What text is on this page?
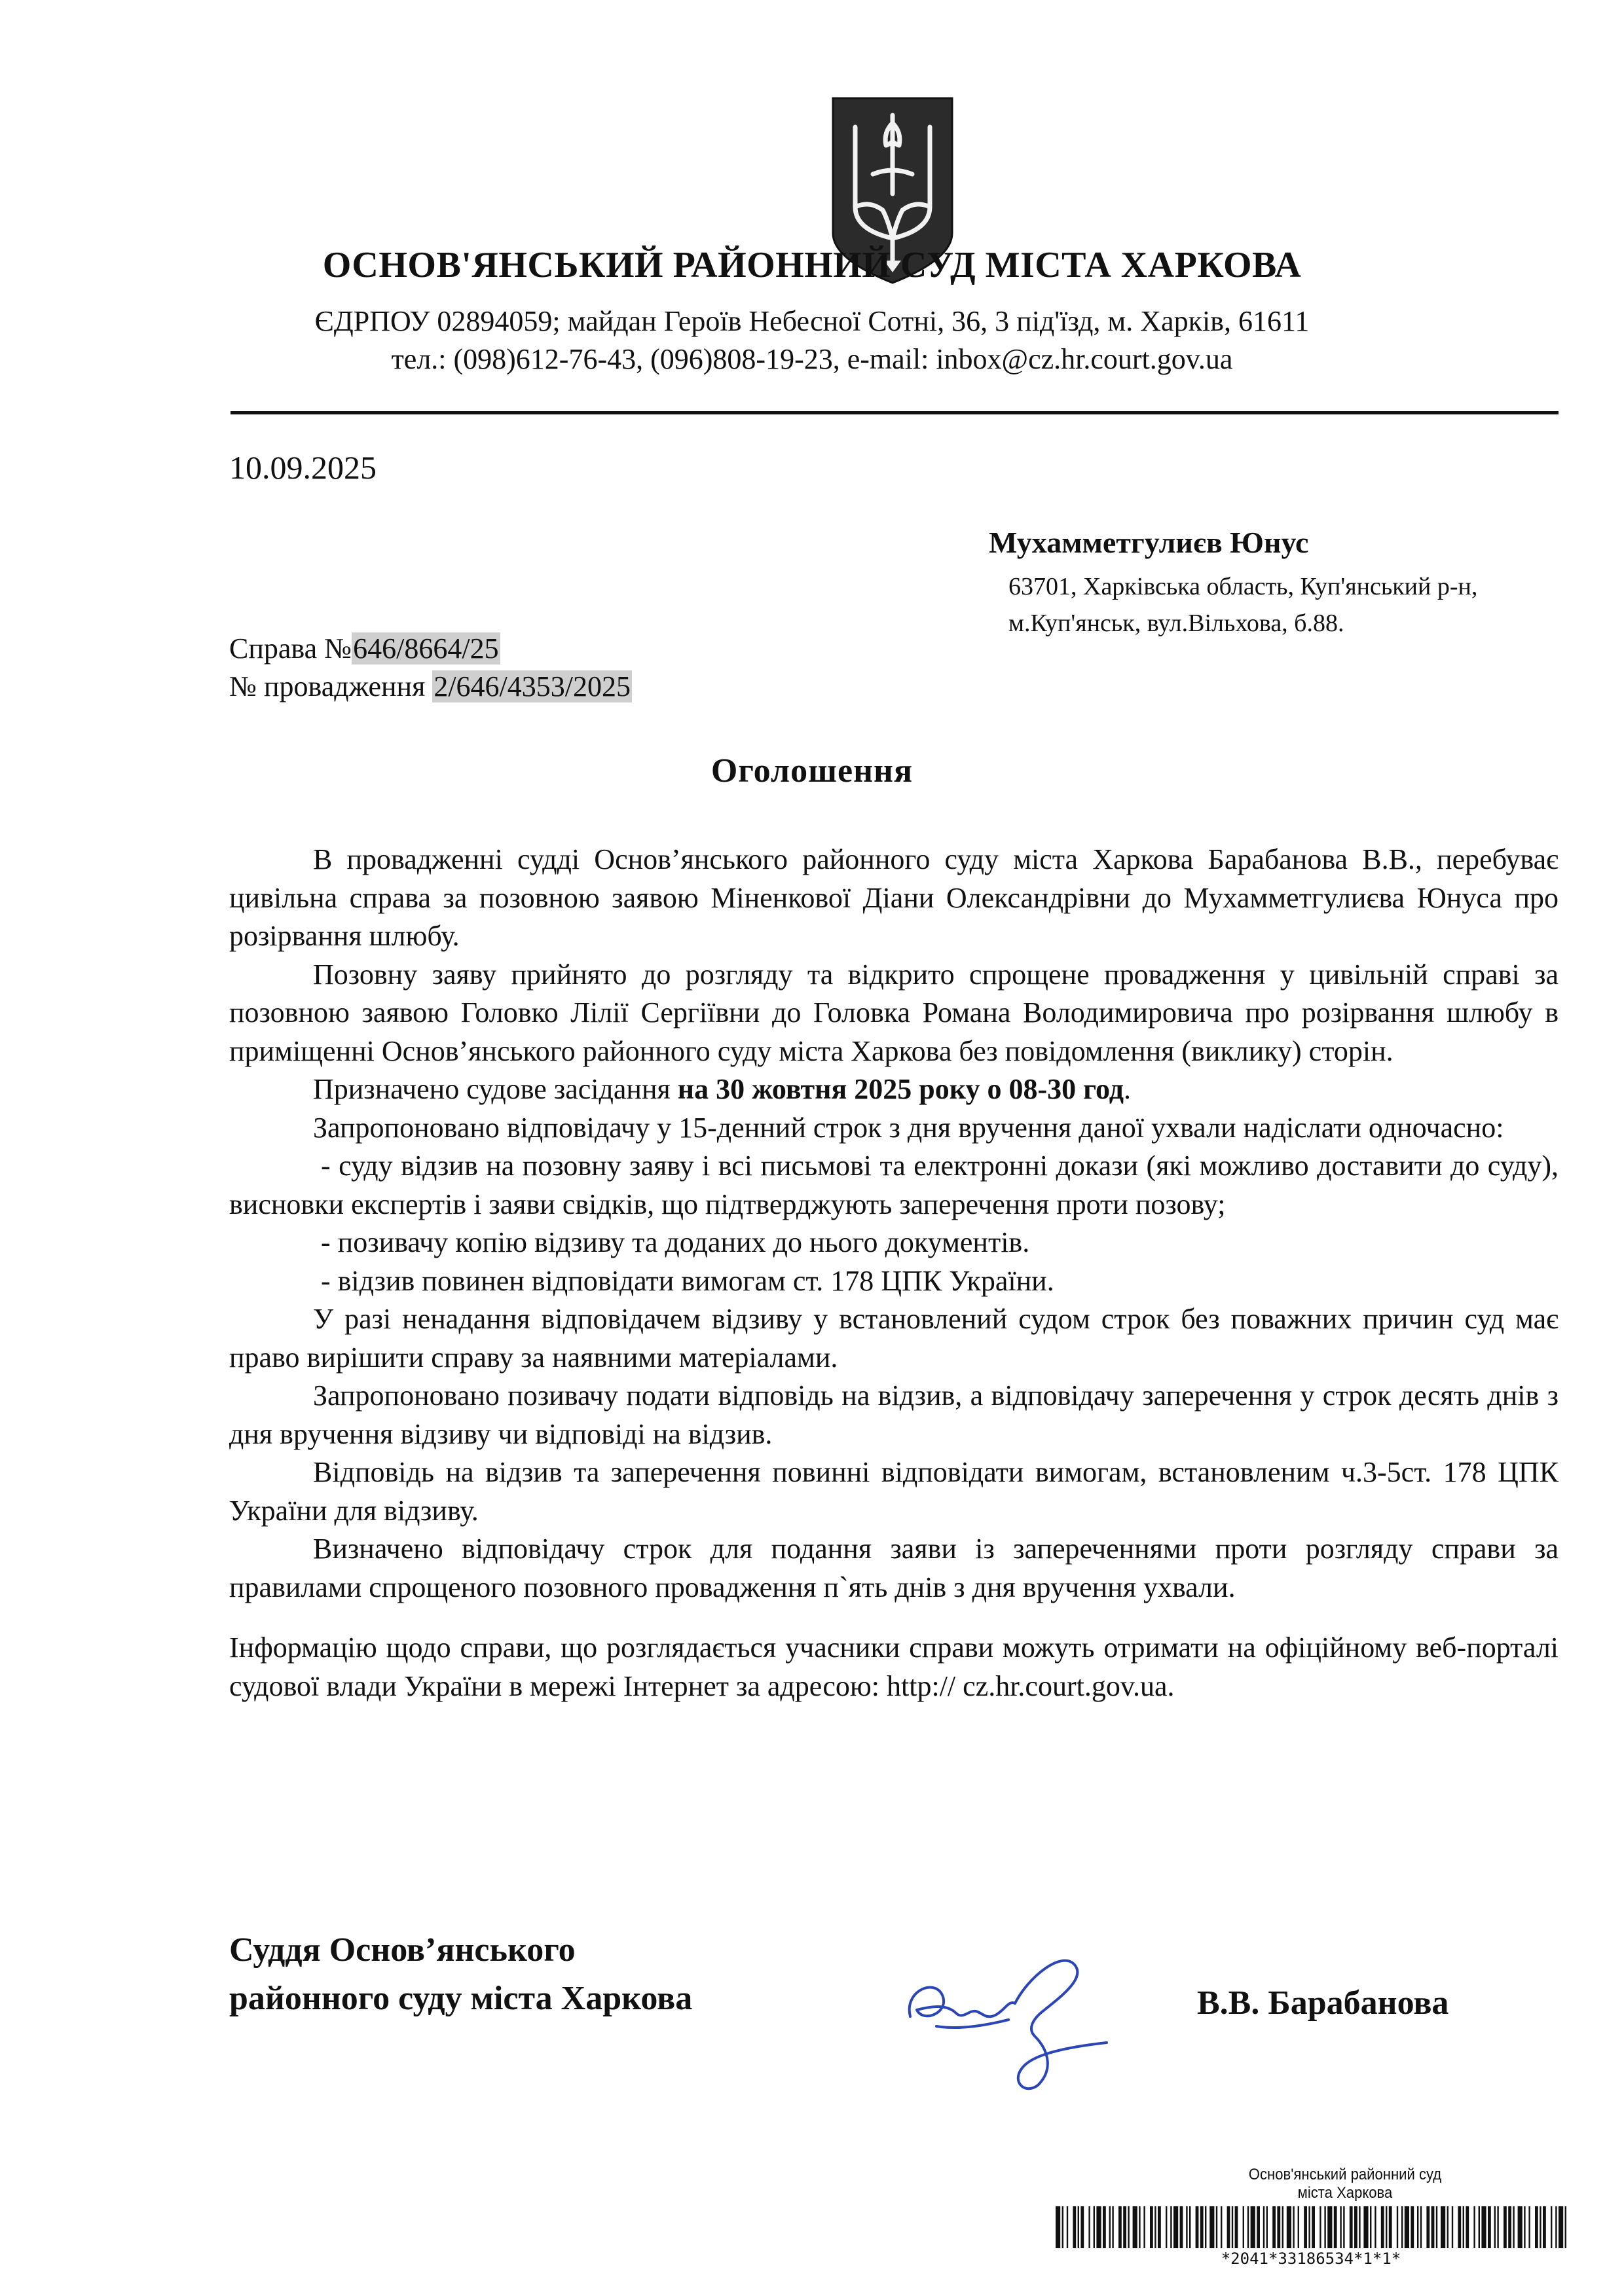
ОСНОВ'ЯНСЬКИЙ РАЙОННИЙ СУД МІСТА ХАРКОВА
ЄДРПОУ 02894059; майдан Героїв Небесної Сотні, 36, 3 під'їзд, м. Харків, 61611
тел.: (098)612-76-43, (096)808-19-23, e-mail: inbox@cz.hr.court.gov.ua
10.09.2025
Мухамметгулиєв Юнус
63701, Харківська область, Куп'янський р-н,
м.Куп'янськ, вул.Вільхова, б.88.
Справа №646/8664/25
№ провадження 2/646/4353/2025
Оголошення

В провадженні судді Основ’янського районного суду міста Харкова Барабанова В.В., перебуває цивільна справа за позовною заявою Міненкової Діани Олександрівни до Мухамметгулиєва Юнуса про розірвання шлюбу.

Позовну заяву прийнято до розгляду та відкрито спрощене провадження у цивільній справі за позовною заявою Головко Лілії Сергіївни до Головка Романа Володимировича про розірвання шлюбу в приміщенні Основ’янського районного суду міста Харкова без повідомлення (виклику) сторін.

Призначено судове засідання на 30 жовтня 2025 року о 08-30 год.

Запропоновано відповідачу у 15-денний строк з дня вручення даної ухвали надіслати одночасно:

- суду відзив на позовну заяву і всі письмові та електронні докази (які можливо доставити до суду), висновки експертів і заяви свідків, що підтверджують заперечення проти позову;

- позивачу копію відзиву та доданих до нього документів.

- відзив повинен відповідати вимогам ст. 178 ЦПК України.

У разі ненадання відповідачем відзиву у встановлений судом строк без поважних причин суд має право вирішити справу за наявними матеріалами.

Запропоновано позивачу подати відповідь на відзив, а відповідачу заперечення у строк десять днів з дня вручення відзиву чи відповіді на відзив.

Відповідь на відзив та заперечення повинні відповідати вимогам, встановленим ч.3-5ст. 178 ЦПК України для відзиву.

Визначено відповідачу строк для подання заяви із запереченнями проти розгляду справи за правилами спрощеного позовного провадження п`ять днів з дня вручення ухвали.

Інформацію щодо справи, що розглядається учасники справи можуть отримати на офіційному веб-порталі судової влади України в мережі Інтернет за адресою: http:// cz.hr.court.gov.ua.

Суддя Основ’янського
районного суду міста Харкова	В.В. Барабанова
Основ'янський районний суд
міста Харкова
*2041*33186534*1*1*
